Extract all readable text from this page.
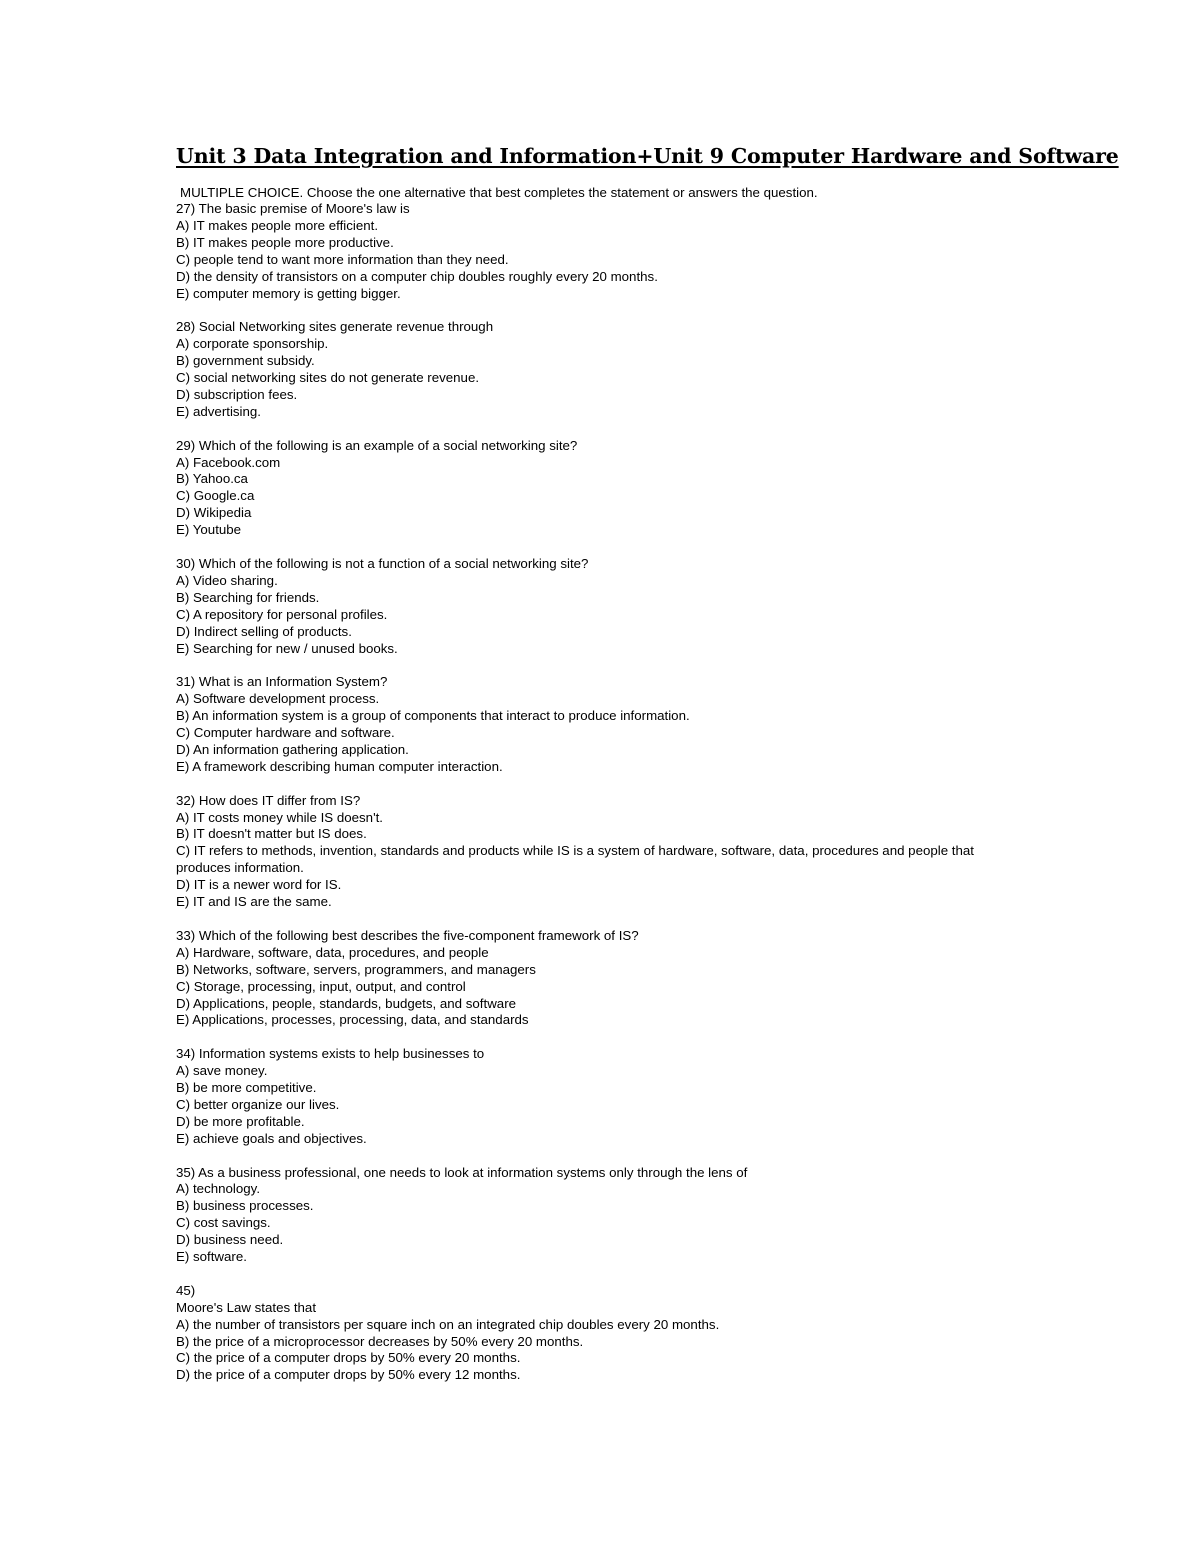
Unit 3 Data Integration and Information+Unit 9 Computer Hardware and Software
MULTIPLE CHOICE. Choose the one alternative that best completes the statement or answers the question.
27) The basic premise of Moore's law is
A) IT makes people more efficient.
B) IT makes people more productive.
C) people tend to want more information than they need.
D) the density of transistors on a computer chip doubles roughly every 20 months.
E) computer memory is getting bigger.
28) Social Networking sites generate revenue through
A) corporate sponsorship.
B) government subsidy.
C) social networking sites do not generate revenue.
D) subscription fees.
E) advertising.
29) Which of the following is an example of a social networking site?
A) Facebook.com
B) Yahoo.ca
C) Google.ca
D) Wikipedia
E) Youtube
30) Which of the following is not a function of a social networking site?
A) Video sharing.
B) Searching for friends.
C) A repository for personal profiles.
D) Indirect selling of products.
E) Searching for new / unused books.
31) What is an Information System?
A) Software development process.
B) An information system is a group of components that interact to produce information.
C) Computer hardware and software.
D) An information gathering application.
E) A framework describing human computer interaction.
32) How does IT differ from IS?
A) IT costs money while IS doesn't.
B) IT doesn't matter but IS does.
C) IT refers to methods, invention, standards and products while IS is a system of hardware, software, data, procedures and people that produces information.
D) IT is a newer word for IS.
E) IT and IS are the same.
33) Which of the following best describes the five-component framework of IS?
A) Hardware, software, data, procedures, and people
B) Networks, software, servers, programmers, and managers
C) Storage, processing, input, output, and control
D) Applications, people, standards, budgets, and software
E) Applications, processes, processing, data, and standards
34) Information systems exists to help businesses to
A) save money.
B) be more competitive.
C) better organize our lives.
D) be more profitable.
E) achieve goals and objectives.
35) As a business professional, one needs to look at information systems only through the lens of
A) technology.
B) business processes.
C) cost savings.
D) business need.
E) software.
45)
Moore's Law states that
A) the number of transistors per square inch on an integrated chip doubles every 20 months.
B) the price of a microprocessor decreases by 50% every 20 months.
C) the price of a computer drops by 50% every 20 months.
D) the price of a computer drops by 50% every 12 months.
